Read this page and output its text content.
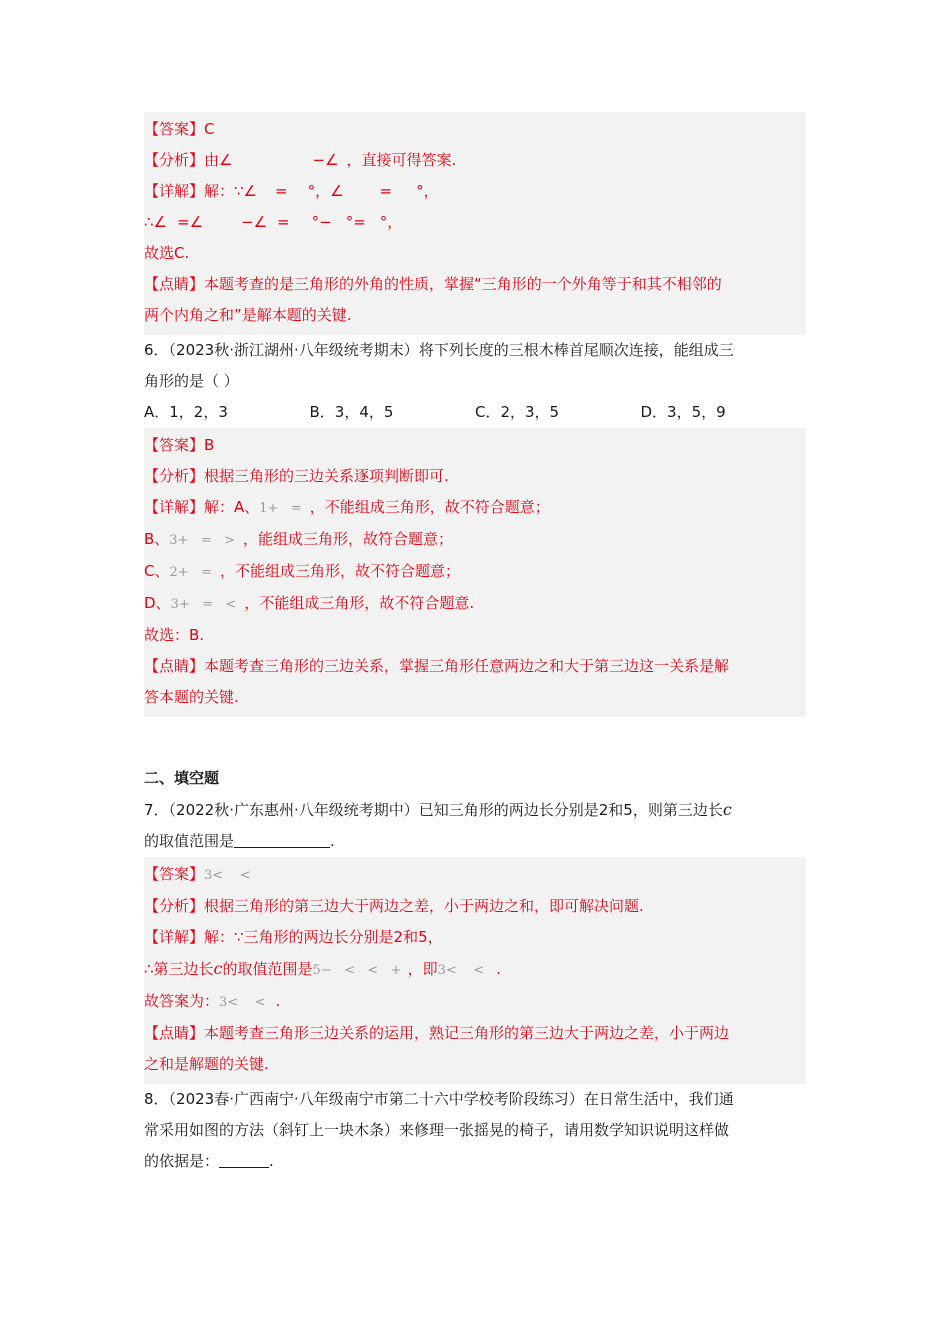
【答案】C
【分析】由∠	−∠ ，直接可得答案.
【详解】解：∵∠ = °，∠ = °，
∴∠ =∠	−∠ = °− °= °，
故选C.
【点睛】本题考查的是三角形的外角的性质，掌握“三角形的一个外角等于和其不相邻的
两个内角之和”是解本题的关键.
6．（2023秋·浙江湖州·八年级统考期末）将下列长度的三根木棒首尾顺次连接，能组成三
角形的是（ ）
A．1，2，3	B．3，4，5	C．2，3，5	D．3，5，9
【答案】B
【分析】根据三角形的三边关系逐项判断即可.
【详解】解：A、1+   = ，不能组成三角形，故不符合题意；
B、3+   =   > ，能组成三角形，故符合题意；
C、2+   = ，不能组成三角形，故不符合题意；
D、3+   =   < ，不能组成三角形，故不符合题意.
故选：B.
【点睛】本题考查三角形的三边关系，掌握三角形任意两边之和大于第三边这一关系是解
答本题的关键.
二、填空题
7．（2022秋·广东惠州·八年级统考期中）已知三角形的两边长分别是2和5，则第三边长c
的取值范围是	.
【答案】3<    <
【分析】根据三角形的第三边大于两边之差，小于两边之和，即可解决问题.
【详解】解：∵三角形的两边长分别是2和5，
∴第三边长c的取值范围是5−   <   <   + ，即3<    < .
故答案为：3<    < .
【点睛】本题考查三角形三边关系的运用，熟记三角形的第三边大于两边之差，小于两边
之和是解题的关键.
8．（2023春·广西南宁·八年级南宁市第二十六中学校考阶段练习）在日常生活中，我们通
常采用如图的方法（斜钉上一块木条）来修理一张摇晃的椅子，请用数学知识说明这样做
的依据是：	.
